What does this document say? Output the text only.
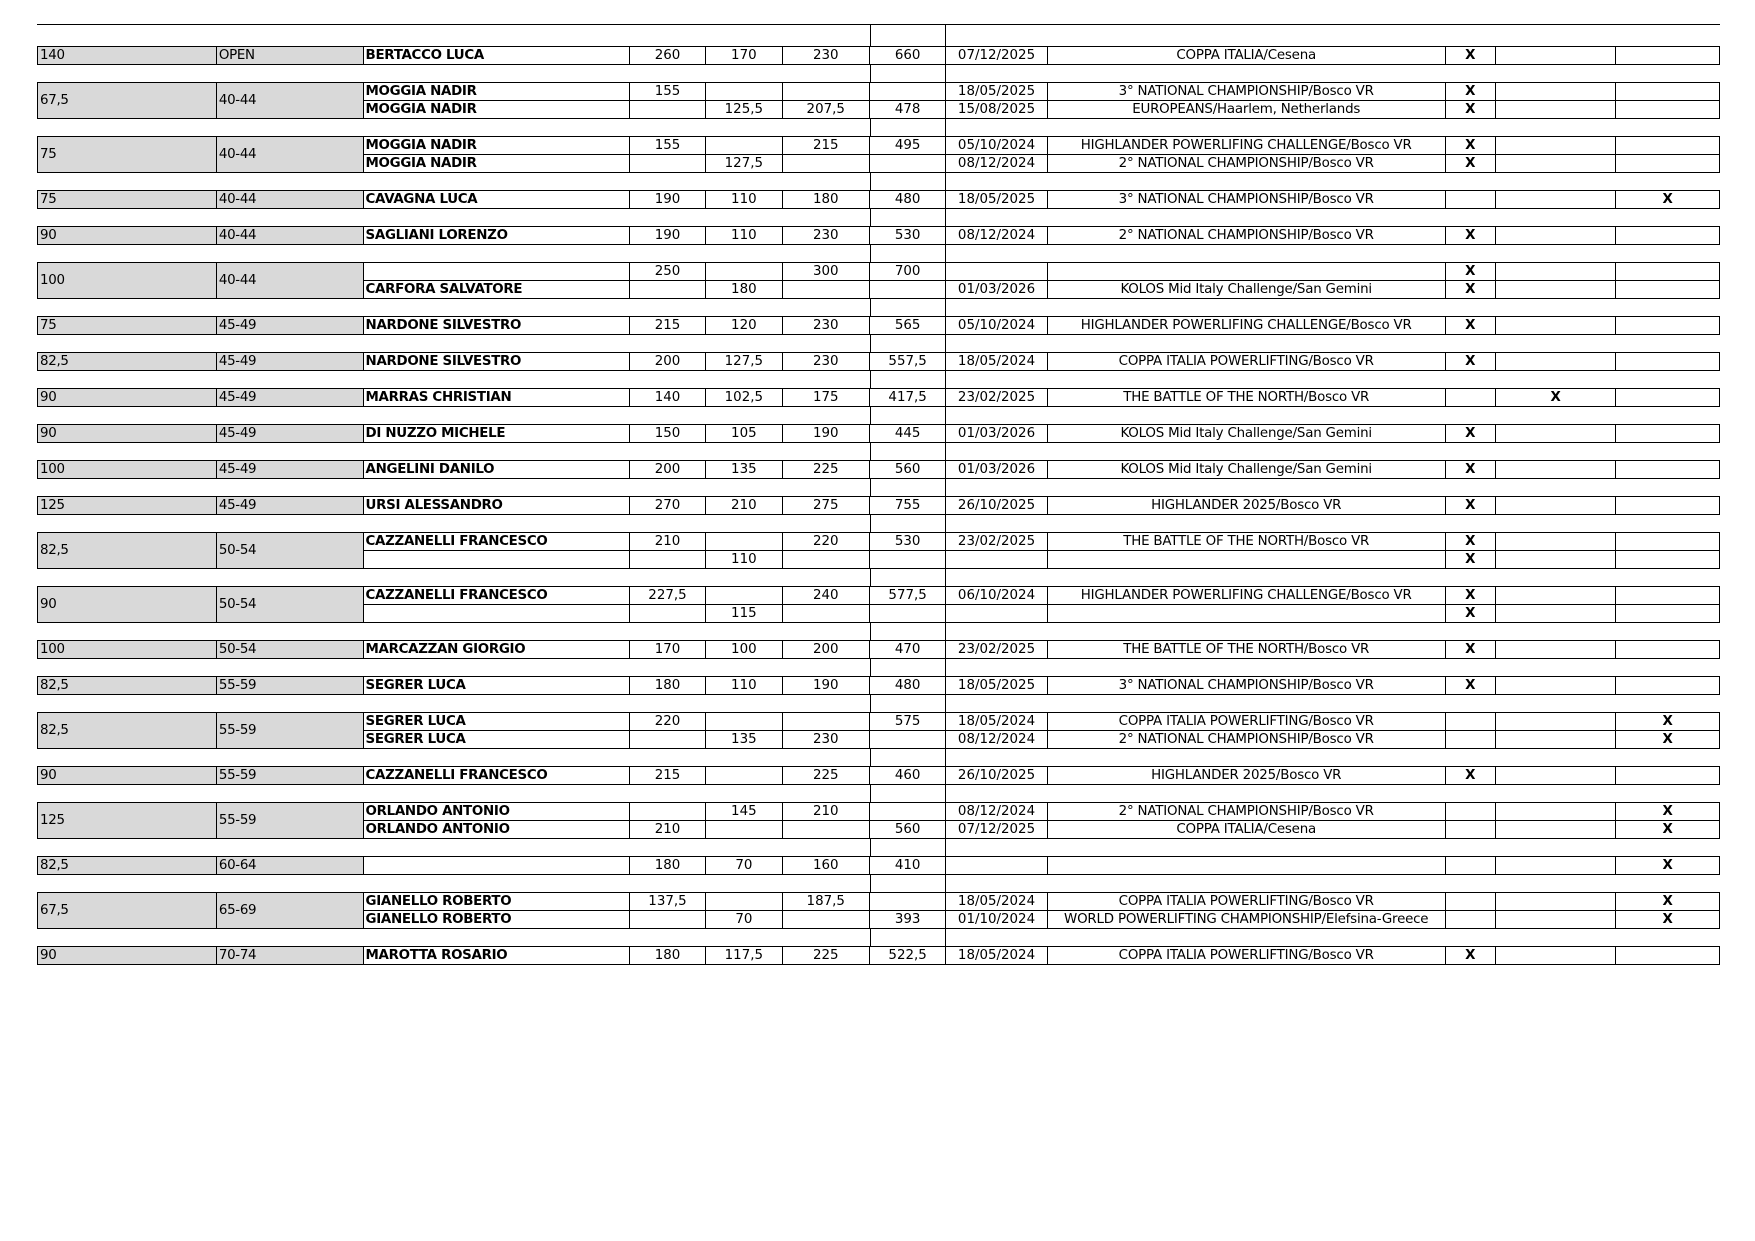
140	OPEN	BERTACCO LUCA	260	170	230	660	07/12/2025	COPPA ITALIA/Cesena	X		
67,5	40-44	MOGGIA NADIR	155				18/05/2025	3° NATIONAL CHAMPIONSHIP/Bosco VR	X		
		MOGGIA NADIR		125,5	207,5	478	15/08/2025	EUROPEANS/Haarlem, Netherlands	X		
75	40-44	MOGGIA NADIR	155		215	495	05/10/2024	HIGHLANDER POWERLIFING CHALLENGE/Bosco VR	X		
		MOGGIA NADIR		127,5			08/12/2024	2° NATIONAL CHAMPIONSHIP/Bosco VR	X		
75	40-44	CAVAGNA LUCA	190	110	180	480	18/05/2025	3° NATIONAL CHAMPIONSHIP/Bosco VR			X
90	40-44	SAGLIANI LORENZO	190	110	230	530	08/12/2024	2° NATIONAL CHAMPIONSHIP/Bosco VR	X		
100	40-44		250		300	700			X		
		CARFORA SALVATORE		180			01/03/2026	KOLOS Mid Italy Challenge/San Gemini	X		
75	45-49	NARDONE SILVESTRO	215	120	230	565	05/10/2024	HIGHLANDER POWERLIFING CHALLENGE/Bosco VR	X		
82,5	45-49	NARDONE SILVESTRO	200	127,5	230	557,5	18/05/2024	COPPA ITALIA POWERLIFTING/Bosco VR	X		
90	45-49	MARRAS CHRISTIAN	140	102,5	175	417,5	23/02/2025	THE BATTLE OF THE NORTH/Bosco VR		X	
90	45-49	DI NUZZO MICHELE	150	105	190	445	01/03/2026	KOLOS Mid Italy Challenge/San Gemini	X		
100	45-49	ANGELINI DANILO	200	135	225	560	01/03/2026	KOLOS Mid Italy Challenge/San Gemini	X		
125	45-49	URSI ALESSANDRO	270	210	275	755	26/10/2025	HIGHLANDER 2025/Bosco VR	X		
82,5	50-54	CAZZANELLI FRANCESCO	210		220	530	23/02/2025	THE BATTLE OF THE NORTH/Bosco VR	X		
				110					X		
90	50-54	CAZZANELLI FRANCESCO	227,5		240	577,5	06/10/2024	HIGHLANDER POWERLIFING CHALLENGE/Bosco VR	X		
				115					X		
100	50-54	MARCAZZAN GIORGIO	170	100	200	470	23/02/2025	THE BATTLE OF THE NORTH/Bosco VR	X		
82,5	55-59	SEGRER LUCA	180	110	190	480	18/05/2025	3° NATIONAL CHAMPIONSHIP/Bosco VR	X		
82,5	55-59	SEGRER LUCA	220			575	18/05/2024	COPPA ITALIA POWERLIFTING/Bosco VR			X
		SEGRER LUCA		135	230		08/12/2024	2° NATIONAL CHAMPIONSHIP/Bosco VR			X
90	55-59	CAZZANELLI FRANCESCO	215		225	460	26/10/2025	HIGHLANDER 2025/Bosco VR	X		
125	55-59	ORLANDO ANTONIO		145	210		08/12/2024	2° NATIONAL CHAMPIONSHIP/Bosco VR			X
		ORLANDO ANTONIO	210			560	07/12/2025	COPPA ITALIA/Cesena			X
82,5	60-64		180	70	160	410					X
67,5	65-69	GIANELLO ROBERTO	137,5		187,5		18/05/2024	COPPA ITALIA POWERLIFTING/Bosco VR			X
		GIANELLO ROBERTO		70		393	01/10/2024	WORLD POWERLIFTING CHAMPIONSHIP/Elefsina-Greece			X
90	70-74	MAROTTA ROSARIO	180	117,5	225	522,5	18/05/2024	COPPA ITALIA POWERLIFTING/Bosco VR	X		
